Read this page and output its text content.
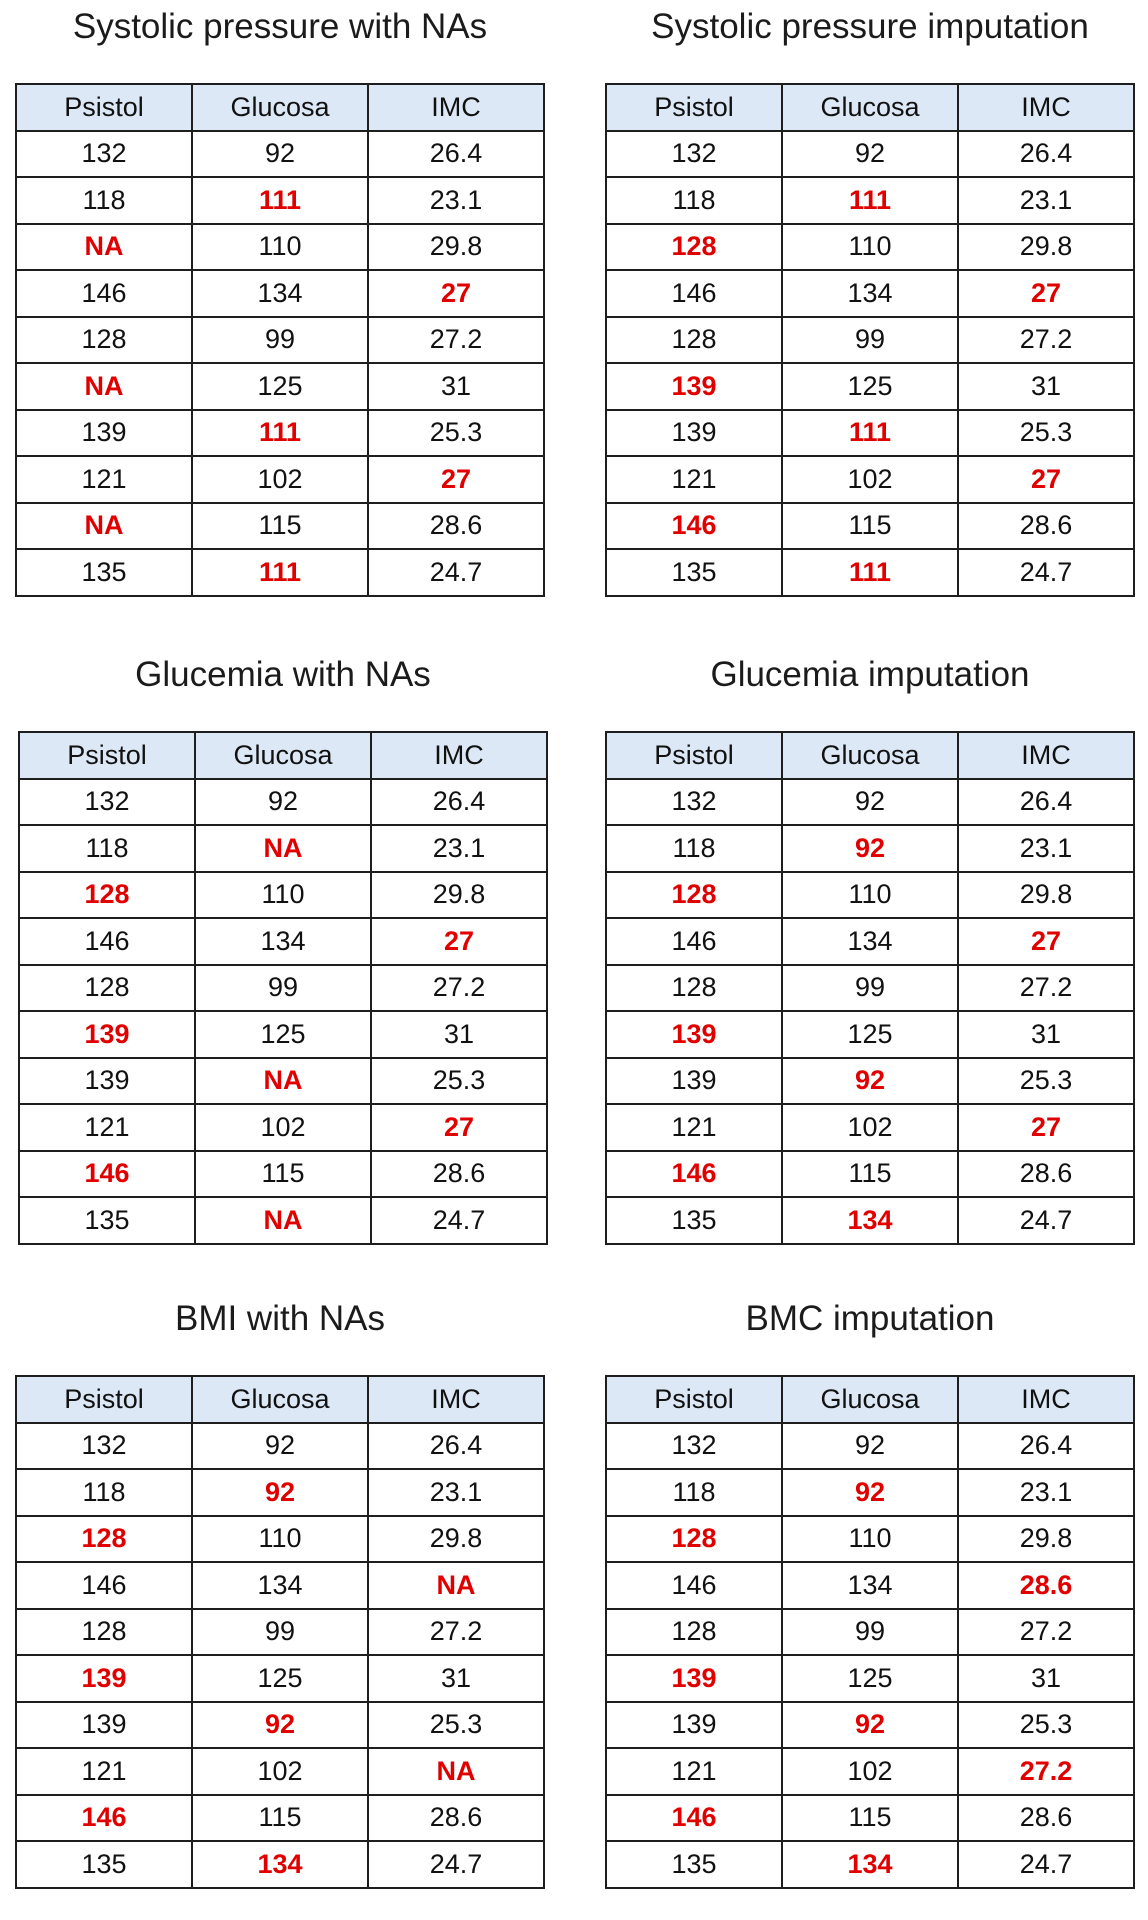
Systolic pressure with NAs
Psistol	Glucosa	IMC
132	92	26.4
118	111	23.1
NA	110	29.8
146	134	27
128	99	27.2
NA	125	31
139	111	25.3
121	102	27
NA	115	28.6
135	111	24.7
Systolic pressure imputation
Psistol	Glucosa	IMC
132	92	26.4
118	111	23.1
128	110	29.8
146	134	27
128	99	27.2
139	125	31
139	111	25.3
121	102	27
146	115	28.6
135	111	24.7
Glucemia with NAs
Psistol	Glucosa	IMC
132	92	26.4
118	NA	23.1
128	110	29.8
146	134	27
128	99	27.2
139	125	31
139	NA	25.3
121	102	27
146	115	28.6
135	NA	24.7
Glucemia imputation
Psistol	Glucosa	IMC
132	92	26.4
118	92	23.1
128	110	29.8
146	134	27
128	99	27.2
139	125	31
139	92	25.3
121	102	27
146	115	28.6
135	134	24.7
BMI with NAs
Psistol	Glucosa	IMC
132	92	26.4
118	92	23.1
128	110	29.8
146	134	NA
128	99	27.2
139	125	31
139	92	25.3
121	102	NA
146	115	28.6
135	134	24.7
BMC imputation
Psistol	Glucosa	IMC
132	92	26.4
118	92	23.1
128	110	29.8
146	134	28.6
128	99	27.2
139	125	31
139	92	25.3
121	102	27.2
146	115	28.6
135	134	24.7
